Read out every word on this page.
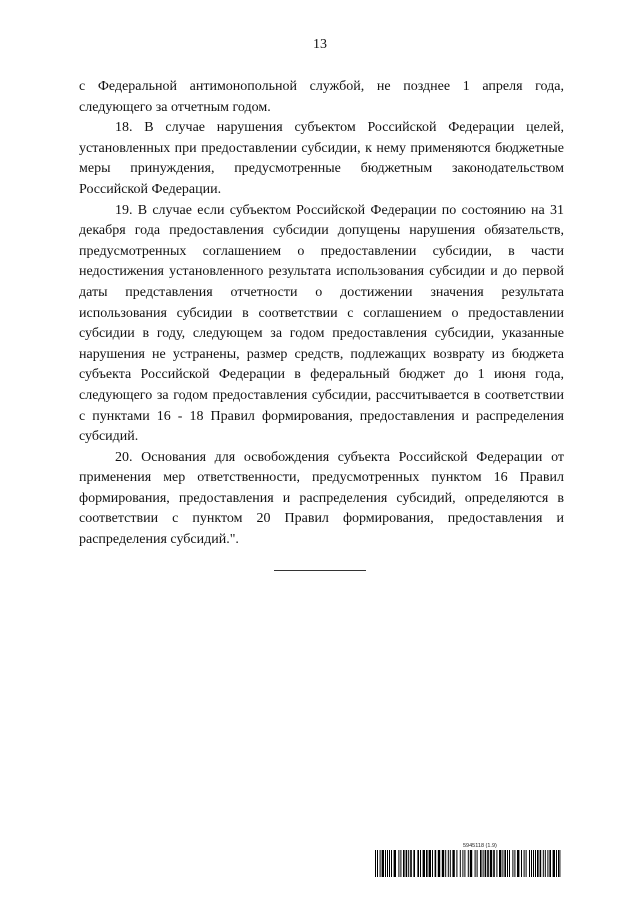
13

с Федеральной антимонопольной службой, не позднее 1 апреля года, следующего за отчетным годом.

18. В случае нарушения субъектом Российской Федерации целей, установленных при предоставлении субсидии, к нему применяются бюджетные меры принуждения, предусмотренные бюджетным законодательством Российской Федерации.

19. В случае если субъектом Российской Федерации по состоянию на 31 декабря года предоставления субсидии допущены нарушения обязательств, предусмотренных соглашением о предоставлении субсидии, в части недостижения установленного результата использования субсидии и до первой даты представления отчетности о достижении значения результата использования субсидии в соответствии с соглашением о предоставлении субсидии в году, следующем за годом предоставления субсидии, указанные нарушения не устранены, размер средств, подлежащих возврату из бюджета субъекта Российской Федерации в федеральный бюджет до 1 июня года, следующего за годом предоставления субсидии, рассчитывается в соответствии с пунктами 16 - 18 Правил формирования, предоставления и распределения субсидий.

20. Основания для освобождения субъекта Российской Федерации от применения мер ответственности, предусмотренных пунктом 16 Правил формирования, предоставления и распределения субсидий, определяются в соответствии с пунктом 20 Правил формирования, предоставления и распределения субсидий.".

5945118 (1.9)
